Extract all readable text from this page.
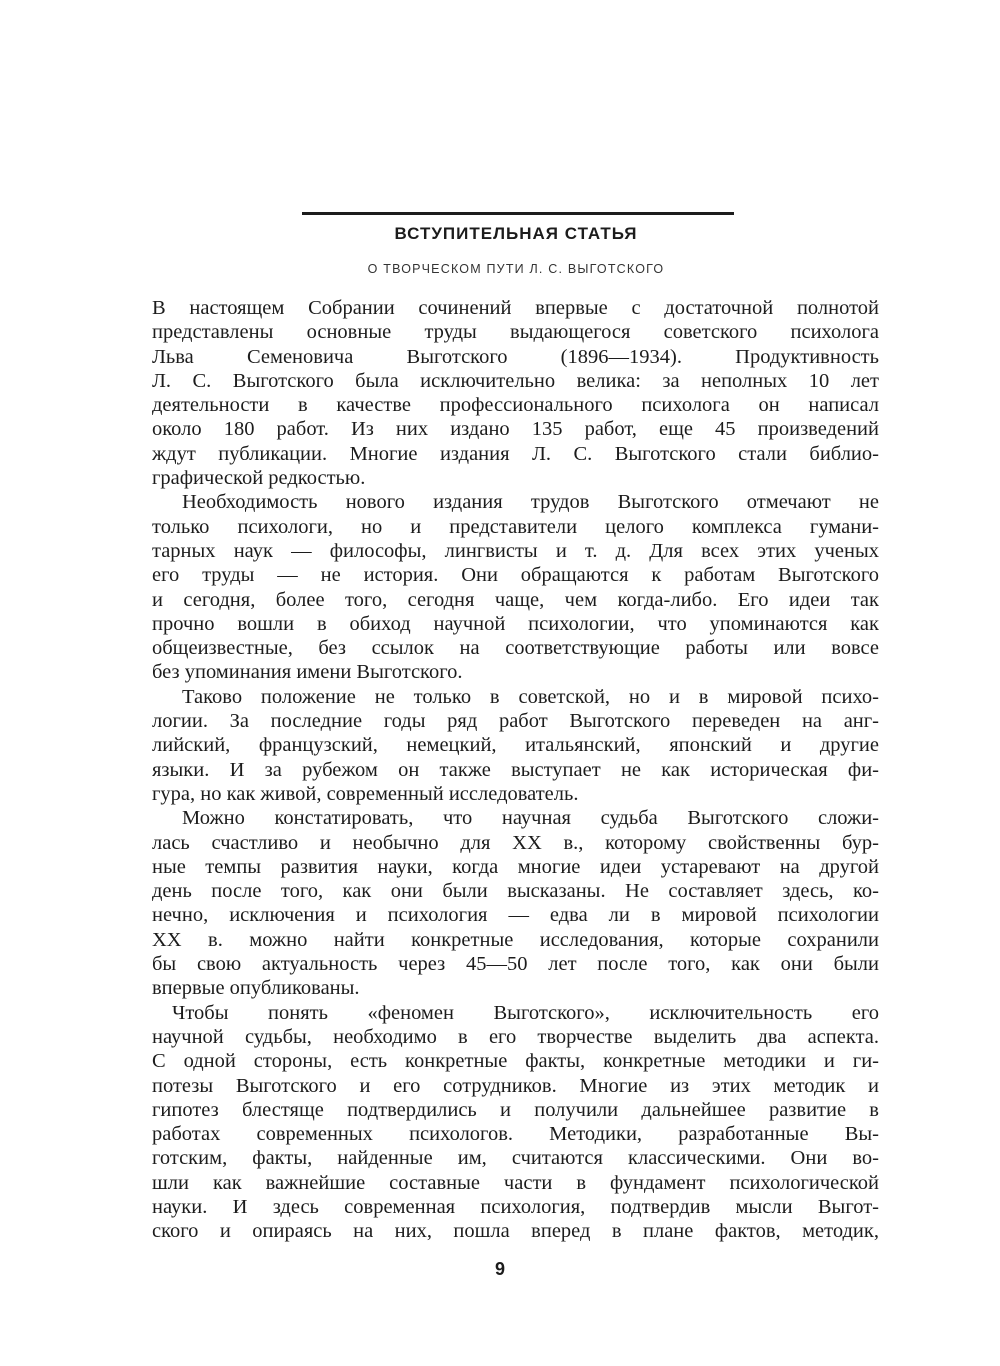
ВСТУПИТЕЛЬНАЯ СТАТЬЯ
О ТВОРЧЕСКОМ ПУТИ Л. С. ВЫГОТСКОГО
В настоящем Собрании сочинений впервые с достаточной полнотой
представлены основные труды выдающегося советского психолога
Льва Семеновича Выготского (1896—1934). Продуктивность
Л. С. Выготского была исключительно велика: за неполных 10 лет
деятельности в качестве профессионального психолога он написал
около 180 работ. Из них издано 135 работ, еще 45 произведений
ждут публикации. Многие издания Л. С. Выготского стали библио-
графической редкостью.
Необходимость нового издания трудов Выготского отмечают не
только психологи, но и представители целого комплекса гумани-
тарных наук — философы, лингвисты и т. д. Для всех этих ученых
его труды — не история. Они обращаются к работам Выготского
и сегодня, более того, сегодня чаще, чем когда-либо. Его идеи так
прочно вошли в обиход научной психологии, что упоминаются как
общеизвестные, без ссылок на соответствующие работы или вовсе
без упоминания имени Выготского.
Таково положение не только в советской, но и в мировой психо-
логии. За последние годы ряд работ Выготского переведен на анг-
лийский, французский, немецкий, итальянский, японский и другие
языки. И за рубежом он также выступает не как историческая фи-
гура, но как живой, современный исследователь.
Можно констатировать, что научная судьба Выготского сложи-
лась счастливо и необычно для XX в., которому свойственны бур-
ные темпы развития науки, когда многие идеи устаревают на другой
день после того, как они были высказаны. Не составляет здесь, ко-
нечно, исключения и психология — едва ли в мировой психологии
XX в. можно найти конкретные исследования, которые сохранили
бы свою актуальность через 45—50 лет после того, как они были
впервые опубликованы.
Чтобы понять «феномен Выготского», исключительность его
научной судьбы, необходимо в его творчестве выделить два аспекта.
С одной стороны, есть конкретные факты, конкретные методики и ги-
потезы Выготского и его сотрудников. Многие из этих методик и
гипотез блестяще подтвердились и получили дальнейшее развитие в
работах современных психологов. Методики, разработанные Вы-
готским, факты, найденные им, считаются классическими. Они во-
шли как важнейшие составные части в фундамент психологической
науки. И здесь современная психология, подтвердив мысли Выгот-
ского и опираясь на них, пошла вперед в плане фактов, методик,
9
